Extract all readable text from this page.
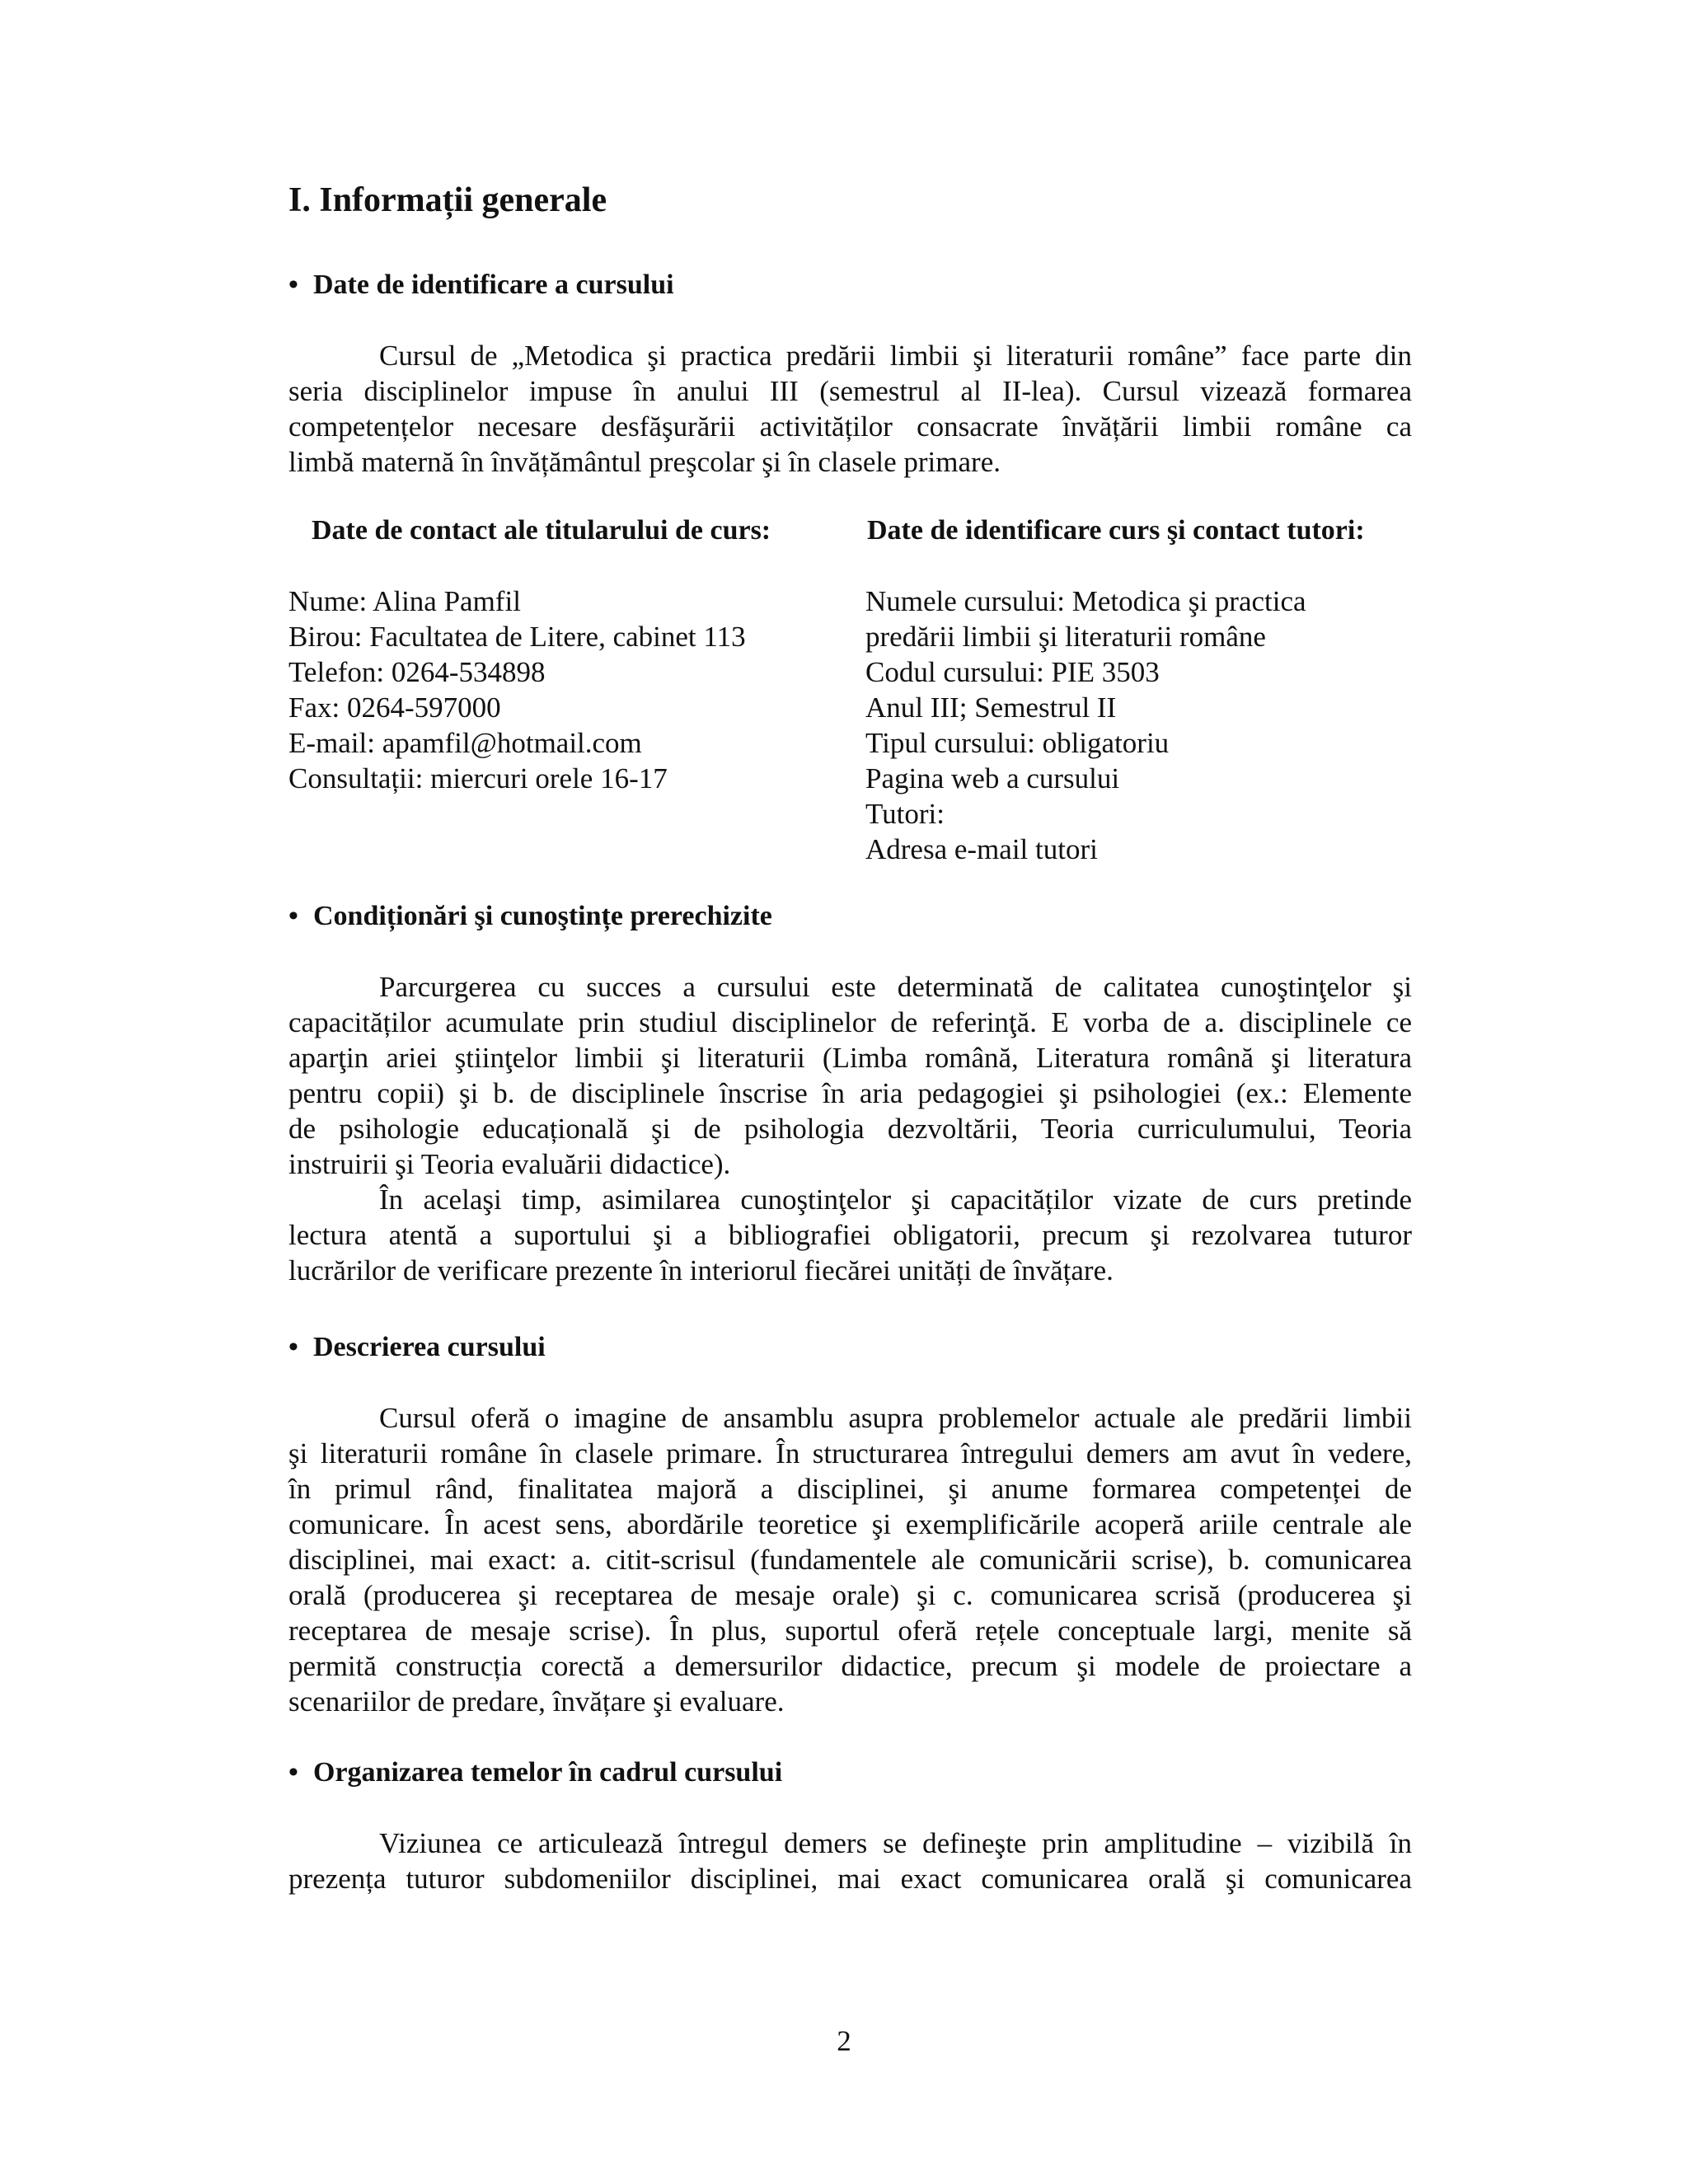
I. Informații generale

• Date de identificare a cursului

Cursul de „Metodica şi practica predării limbii şi literaturii române” face parte din
seria disciplinelor impuse în anului III (semestrul al II-lea). Cursul vizează formarea
competențelor necesare desfăşurării activităților consacrate învățării limbii române ca
limbă maternă în învățământul preşcolar şi în clasele primare.

Date de contact ale titularului de curs:	Date de identificare curs şi contact tutori:

Nume: Alina Pamfil
Birou: Facultatea de Litere, cabinet 113
Telefon: 0264-534898
Fax: 0264-597000
E-mail: apamfil@hotmail.com
Consultații: miercuri orele 16-17
Numele cursului: Metodica şi practica
predării limbii şi literaturii române
Codul cursului: PIE 3503
Anul III; Semestrul II
Tipul cursului: obligatoriu
Pagina web a cursului
Tutori:
Adresa e-mail tutori

• Condiționări şi cunoştințe prerechizite

Parcurgerea cu succes a cursului este determinată de calitatea cunoştinţelor şi
capacităților acumulate prin studiul disciplinelor de referinţă. E vorba de a. disciplinele ce
aparţin ariei ştiinţelor limbii şi literaturii (Limba română, Literatura română şi literatura
pentru copii) şi b. de disciplinele înscrise în aria pedagogiei şi psihologiei (ex.: Elemente
de psihologie educațională şi de psihologia dezvoltării, Teoria curriculumului, Teoria
instruirii şi Teoria evaluării didactice).
În acelaşi timp, asimilarea cunoştinţelor şi capacităților vizate de curs pretinde
lectura atentă a suportului şi a bibliografiei obligatorii, precum şi rezolvarea tuturor
lucrărilor de verificare prezente în interiorul fiecărei unități de învățare.

• Descrierea cursului

Cursul oferă o imagine de ansamblu asupra problemelor actuale ale predării limbii
şi literaturii române în clasele primare. În structurarea întregului demers am avut în vedere,
în primul rând, finalitatea majoră a disciplinei, şi anume formarea competenței de
comunicare. În acest sens, abordările teoretice şi exemplificările acoperă ariile centrale ale
disciplinei, mai exact: a. citit-scrisul (fundamentele ale comunicării scrise), b. comunicarea
orală (producerea şi receptarea de mesaje orale) şi c. comunicarea scrisă (producerea şi
receptarea de mesaje scrise). În plus, suportul oferă rețele conceptuale largi, menite să
permită construcția corectă a demersurilor didactice, precum şi modele de proiectare a
scenariilor de predare, învățare şi evaluare.

• Organizarea temelor în cadrul cursului

Viziunea ce articulează întregul demers se defineşte prin amplitudine – vizibilă în
prezența tuturor subdomeniilor disciplinei, mai exact comunicarea orală şi comunicarea
2
